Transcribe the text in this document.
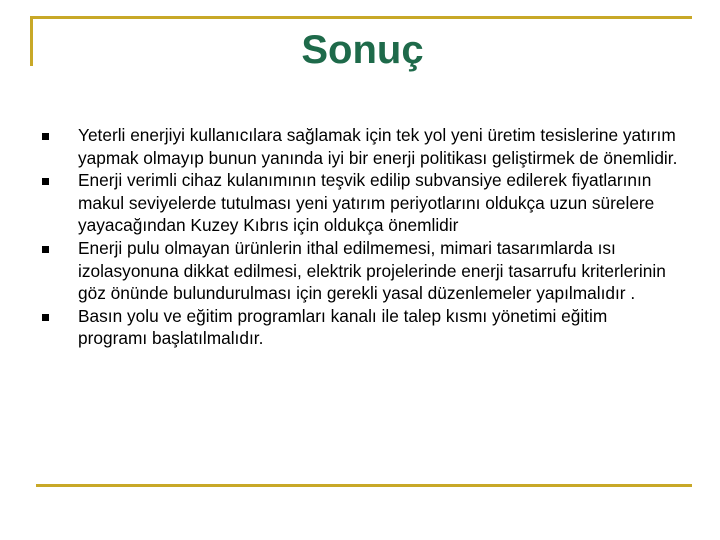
Sonuç
Yeterli enerjiyi kullanıcılara sağlamak için tek yol yeni üretim tesislerine yatırım yapmak olmayıp bunun yanında iyi bir enerji politikası geliştirmek de önemlidir.
Enerji verimli cihaz kulanımının teşvik edilip subvansiye edilerek fiyatlarının makul seviyelerde tutulması yeni yatırım periyotlarını oldukça uzun sürelere yayacağından Kuzey Kıbrıs için oldukça önemlidir
Enerji pulu olmayan ürünlerin ithal edilmemesi, mimari tasarımlarda ısı izolasyonuna dikkat edilmesi, elektrik projelerinde enerji tasarrufu kriterlerinin göz önünde bulundurulması için gerekli yasal düzenlemeler yapılmalıdır .
Basın yolu ve eğitim programları kanalı ile talep kısmı yönetimi eğitim programı başlatılmalıdır.
